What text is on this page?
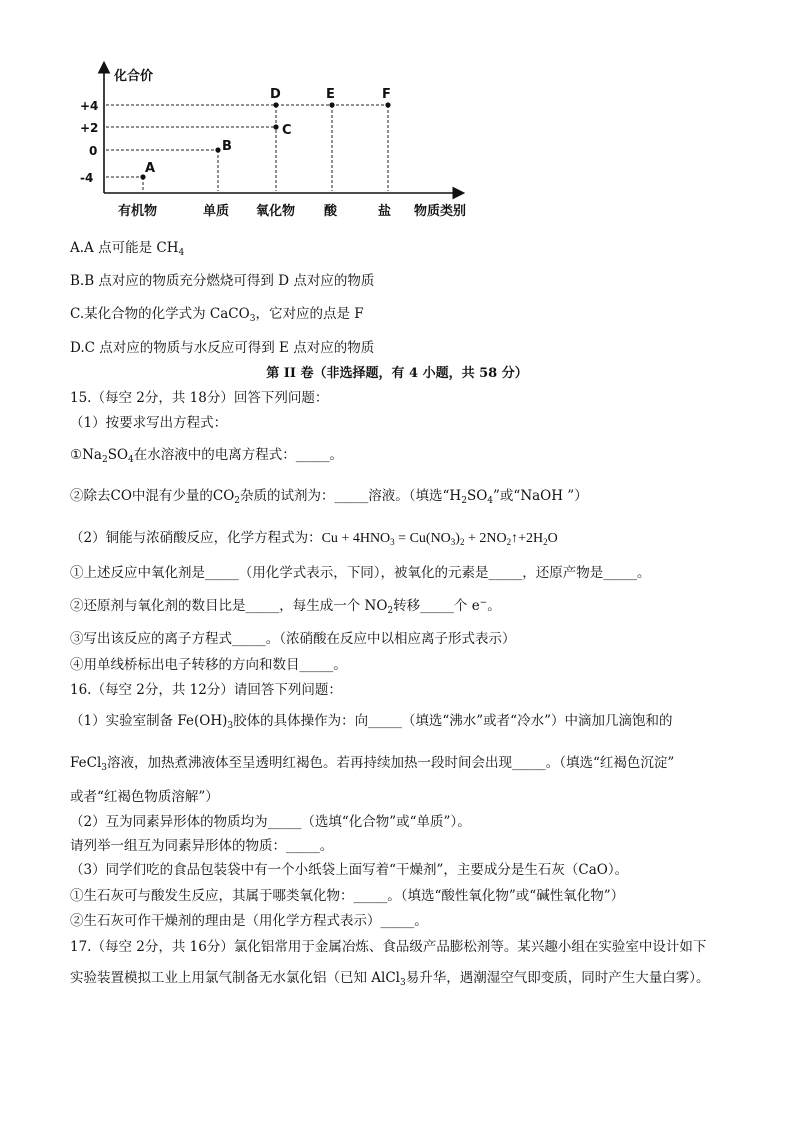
化合价
物质类别
+4
+2
0
-4
有机物	单质 氧化物 酸	盐
A
B
C
D	E	F
A.A 点可能是 $CH_4$
B.B 点对应的物质充分燃烧可得到 D 点对应的物质
C.某化合物的化学式为 CaCO$_3$，它对应的点是 F
D.C 点对应的物质与水反应可得到 E 点对应的物质
第 II 卷（非选择题，有 4 小题，共 58 分）
15.（每空 2分，共 18分）回答下列问题：
（1）按要求写出方程式：
$①Na_2SO_4$在水溶液中的电离方程式：_____。
②除去CO中混有少量的$CO_2$杂质的试剂为：_____溶液。（填选“$H_2SO_4$”或“NaOH ”）
（2）铜能与浓硝酸反应，化学方程式为：$Cu + 4HNO_3 = Cu(NO_3)_2$ + $2NO_2↑+2H_2O$
①上述反应中氧化剂是_____（用化学式表示，下同），被氧化的元素是_____，还原产物是_____。
②还原剂与氧化剂的数目比是_____，每生成一个 $NO_2$转移_____个 e−。
③写出该反应的离子方程式_____。（浓硝酸在反应中以相应离子形式表示）
④用单线桥标出电子转移的方向和数目_____。
16.（每空 2分，共 12分）请回答下列问题：
（1）实验室制备 $Fe(OH)_3$胶体的具体操作为：向_____（填选“沸水”或者“冷水”）中滴加几滴饱和的
FeCl$_3$溶液，加热煮沸液体至呈透明红褐色。若再持续加热一段时间会出现_____。（填选“红褐色沉淀”
或者“红褐色物质溶解”）
（2）互为同素异形体的物质均为_____（选填“化合物”或“单质”）。
请列举一组互为同素异形体的物质：_____。
（3）同学们吃的食品包装袋中有一个小纸袋上面写着“干燥剂”，主要成分是生石灰（CaO）。
①生石灰可与酸发生反应，其属于哪类氧化物：_____。（填选“酸性氧化物”或“碱性氧化物”）
②生石灰可作干燥剂的理由是（用化学方程式表示）_____。
17.（每空 2分，共 16分）氯化铝常用于金属冶炼、食品级产品膨松剂等。某兴趣小组在实验室中设计如下
实验装置模拟工业上用氯气制备无水氯化铝（已知 AlCl$_3$易升华，遇潮湿空气即变质，同时产生大量白雾）。
